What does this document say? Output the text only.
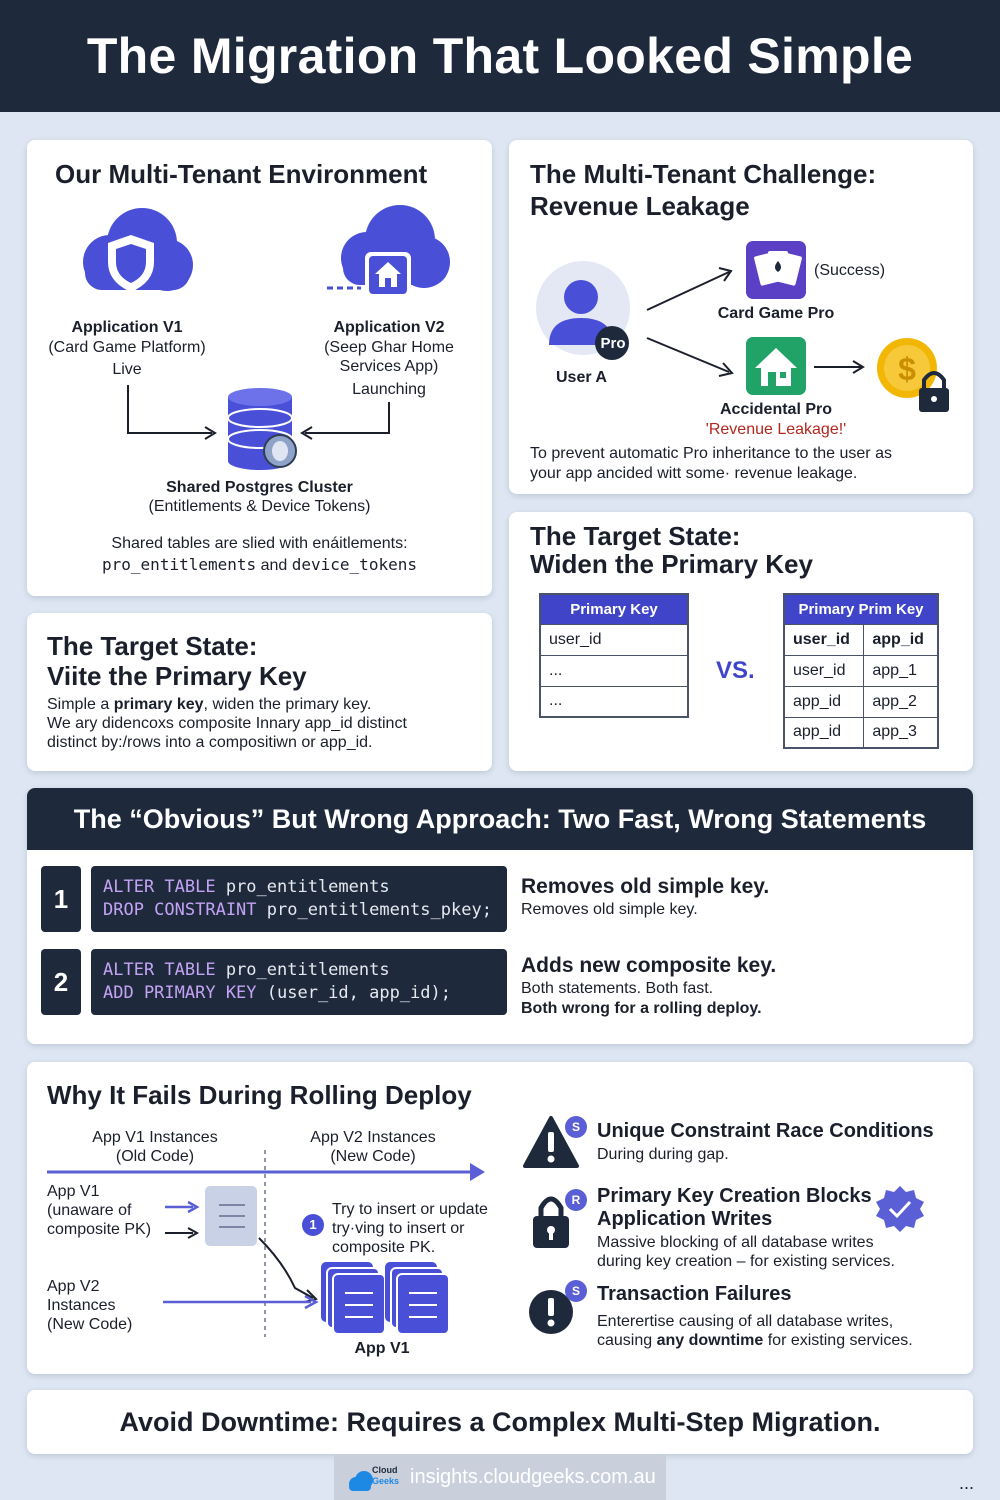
The Migration That Looked Simple
Our Multi-Tenant Environment
Application V1
(Card Game Platform)
Live
Application V2
(Seep Ghar Home
Services App)
Launching
Shared Postgres Cluster
(Entitlements & Device Tokens)
Shared tables are slied with enáitlements:
pro_entitlements and device_tokens
The Multi-Tenant Challenge:
Revenue Leakage
$
Pro
User A
(Success)
Card Game Pro
Accidental Pro
'Revenue Leakage!'
To prevent automatic Pro inheritance to the user as
your app ancided witt some· revenue leakage.
The Target State:
Viite the Primary Key
Simple a primary key, widen the primary key.
We ary didencoxs composite Innary app_id distinct
distinct by:/rows into a compositiwn or app_id.
The Target State:
Widen the Primary Key
Primary Key
user_id
...
...
VS.
Primary Prim Key	
user_id	app_id
user_id	app_1
app_id	app_2
app_id	app_3
The “Obvious” But Wrong Approach: Two Fast, Wrong Statements
1	ALTER TABLE pro_entitlements
DROP CONSTRAINT pro_entitlements_pkey;
Removes old simple key.
Removes old simple key.
2	ALTER TABLE pro_entitlements
ADD PRIMARY KEY (user_id, app_id);
Adds new composite key.
Both statements. Both fast.
Both wrong for a rolling deploy.
Why It Fails During Rolling Deploy
App V1 Instances
(Old Code)
App V2 Instances
(New Code)
App V1
(unaware of
composite PK)
App V2
Instances
(New Code)
1
Try to insert or update
try·ving to insert or
composite PK.
App V1
S
R
S
Unique Constraint Race Conditions
During during gap.
Primary Key Creation Blocks
Application Writes
Massive blocking of all database writes
during key creation – for existing services.
Transaction Failures
Enterertise causing of all database writes,
causing any downtime for existing services.
Avoid Downtime: Requires a Complex Multi-Step Migration.
Cloud
Geeks insights.cloudgeeks.com.au	...
